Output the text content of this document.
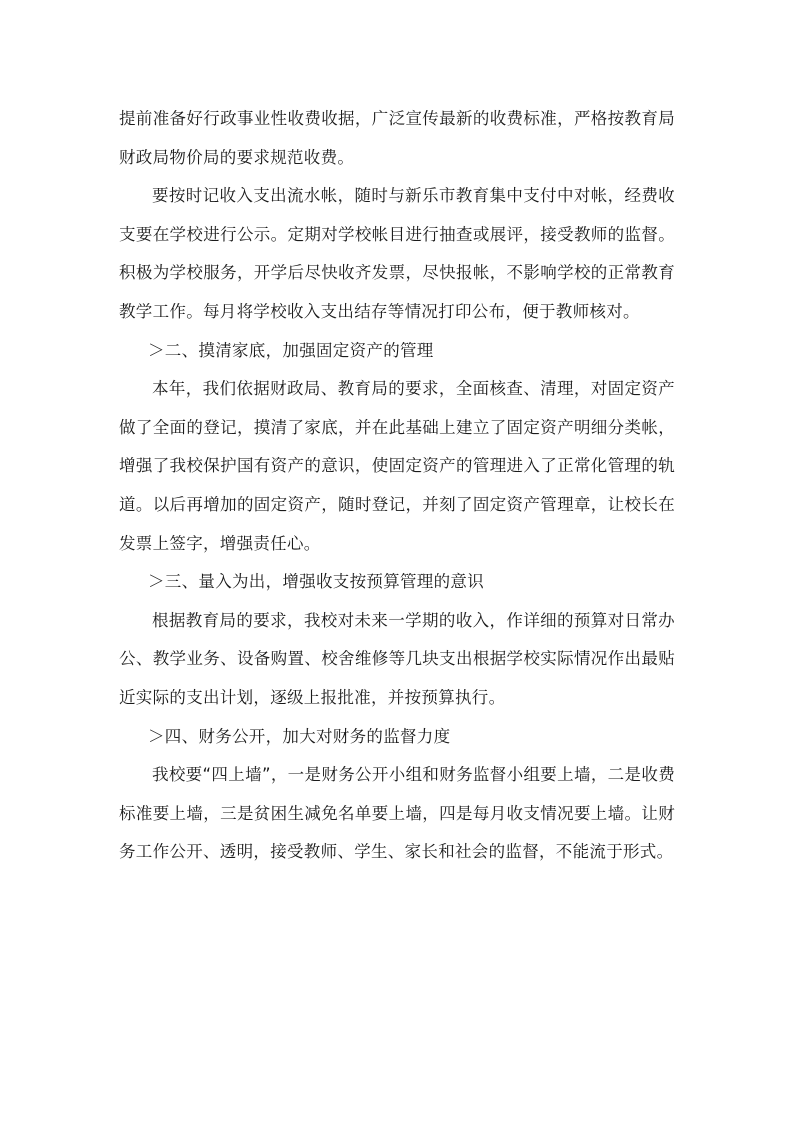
提前准备好行政事业性收费收据，广泛宣传最新的收费标准，严格按教育局财政局物价局的要求规范收费。

要按时记收入支出流水帐，随时与新乐市教育集中支付中对帐，经费收支要在学校进行公示。定期对学校帐目进行抽查或展评，接受教师的监督。积极为学校服务，开学后尽快收齐发票，尽快报帐，不影响学校的正常教育教学工作。每月将学校收入支出结存等情况打印公布，便于教师核对。

＞二、摸清家底，加强固定资产的管理

本年，我们依据财政局、教育局的要求，全面核查、清理，对固定资产做了全面的登记，摸清了家底，并在此基础上建立了固定资产明细分类帐，增强了我校保护国有资产的意识，使固定资产的管理进入了正常化管理的轨道。以后再增加的固定资产，随时登记，并刻了固定资产管理章，让校长在发票上签字，增强责任心。

＞三、量入为出，增强收支按预算管理的意识

根据教育局的要求，我校对未来一学期的收入，作详细的预算对日常办公、教学业务、设备购置、校舍维修等几块支出根据学校实际情况作出最贴近实际的支出计划，逐级上报批准，并按预算执行。

＞四、财务公开，加大对财务的监督力度

我校要“四上墙”，一是财务公开小组和财务监督小组要上墙，二是收费标准要上墙，三是贫困生减免名单要上墙，四是每月收支情况要上墙。让财务工作公开、透明，接受教师、学生、家长和社会的监督，不能流于形式。
